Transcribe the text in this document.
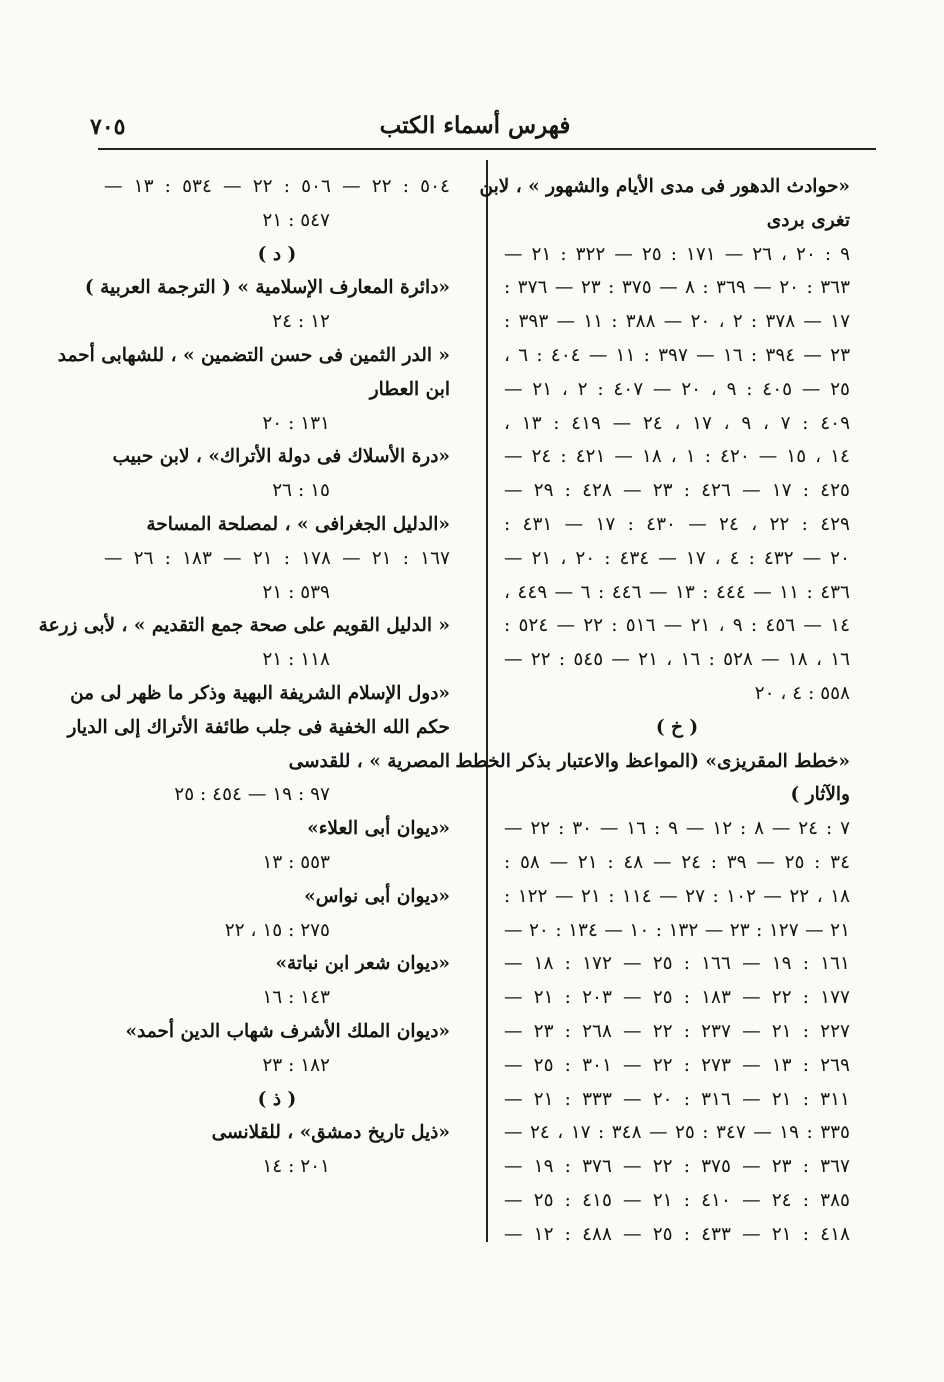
فهرس أسماء الكتب
٧٠٥
«حوادث الدهور فى مدى الأيام والشهور » ، لابن
تغرى بردى
٩ : ٢٠ ، ٢٦ — ١٧١ : ٢٥ — ٣٢٢ : ٢١ —
٣٦٣ : ٢٠ — ٣٦٩ : ٨ — ٣٧٥ : ٢٣ — ٣٧٦ :
١٧ — ٣٧٨ : ٢ ، ٢٠ — ٣٨٨ : ١١ — ٣٩٣ :
٢٣ — ٣٩٤ : ١٦ — ٣٩٧ : ١١ — ٤٠٤ : ٦ ،
٢٥ — ٤٠٥ : ٩ ، ٢٠ — ٤٠٧ : ٢ ، ٢١ —
٤٠٩ : ٧ ، ٩ ، ١٧ ، ٢٤ — ٤١٩ : ١٣ ،
١٤ ، ١٥ — ٤٢٠ : ١ ، ١٨ — ٤٢١ : ٢٤ —
٤٢٥ : ١٧ — ٤٢٦ : ٢٣ — ٤٢٨ : ٢٩ —
٤٢٩ : ٢٢ ، ٢٤ — ٤٣٠ : ١٧ — ٤٣١ :
٢٠ — ٤٣٢ : ٤ ، ١٧ — ٤٣٤ : ٢٠ ، ٢١ —
٤٣٦ : ١١ — ٤٤٤ : ١٣ — ٤٤٦ : ٦ — ٤٤٩ ،
١٤ — ٤٥٦ : ٩ ، ٢١ — ٥١٦ : ٢٢ — ٥٢٤ :
١٦ ، ١٨ — ٥٢٨ : ١٦ ، ٢١ — ٥٤٥ : ٢٢ —
٥٥٨ : ٤ ، ٢٠
( خ )
«خطط المقريزى» (المواعظ والاعتبار بذكر الخطط
والآثار )
٧ : ٢٤ — ٨ : ١٢ — ٩ : ١٦ — ٣٠ : ٢٢ —
٣٤ : ٢٥ — ٣٩ : ٢٤ — ٤٨ : ٢١ — ٥٨ :
١٨ ، ٢٢ — ١٠٢ : ٢٧ — ١١٤ : ٢١ — ١٢٢ :
٢١ — ١٢٧ : ٢٣ — ١٣٢ : ١٠ — ١٣٤ : ٢٠ —
١٦١ : ١٩ — ١٦٦ : ٢٥ — ١٧٢ : ١٨ —
١٧٧ : ٢٢ — ١٨٣ : ٢٥ — ٢٠٣ : ٢١ —
٢٢٧ : ٢١ — ٢٣٧ : ٢٢ — ٢٦٨ : ٢٣ —
٢٦٩ : ١٣ — ٢٧٣ : ٢٢ — ٣٠١ : ٢٥ —
٣١١ : ٢١ — ٣١٦ : ٢٠ — ٣٣٣ : ٢١ —
٣٣٥ : ١٩ — ٣٤٧ : ٢٥ — ٣٤٨ : ١٧ ، ٢٤ —
٣٦٧ : ٢٣ — ٣٧٥ : ٢٢ — ٣٧٦ : ١٩ —
٣٨٥ : ٢٤ — ٤١٠ : ٢١ — ٤١٥ : ٢٥ —
٤١٨ : ٢١ — ٤٣٣ : ٢٥ — ٤٨٨ : ١٢ —
٥٠٤ : ٢٢ — ٥٠٦ : ٢٢ — ٥٣٤ : ١٣ —
٥٤٧ : ٢١
( د )
«دائرة المعارف الإسلامية » ( الترجمة العربية )
١٢ : ٢٤
« الدر الثمين فى حسن التضمين » ، للشهابى أحمد
ابن العطار
١٣١ : ٢٠
«درة الأسلاك فى دولة الأتراك» ، لابن حبيب
١٥ : ٢٦
«الدليل الجغرافى » ، لمصلحة المساحة
١٦٧ : ٢١ — ١٧٨ : ٢١ — ١٨٣ : ٢٦ —
٥٣٩ : ٢١
« الدليل القويم على صحة جمع التقديم » ، لأبى زرعة
١١٨ : ٢١
«دول الإسلام الشريفة البهية وذكر ما ظهر لى من
حكم الله الخفية فى جلب طائفة الأتراك إلى الديار
المصرية » ، للقدسى
٩٧ : ١٩ — ٤٥٤ : ٢٥
«ديوان أبى العلاء»
٥٥٣ : ١٣
«ديوان أبى نواس»
٢٧٥ : ١٥ ، ٢٢
«ديوان شعر ابن نباتة»
١٤٣ : ١٦
«ديوان الملك الأشرف شهاب الدين أحمد»
١٨٢ : ٢٣
( ذ )
«ذيل تاريخ دمشق» ، للقلانسى
٢٠١ : ١٤
